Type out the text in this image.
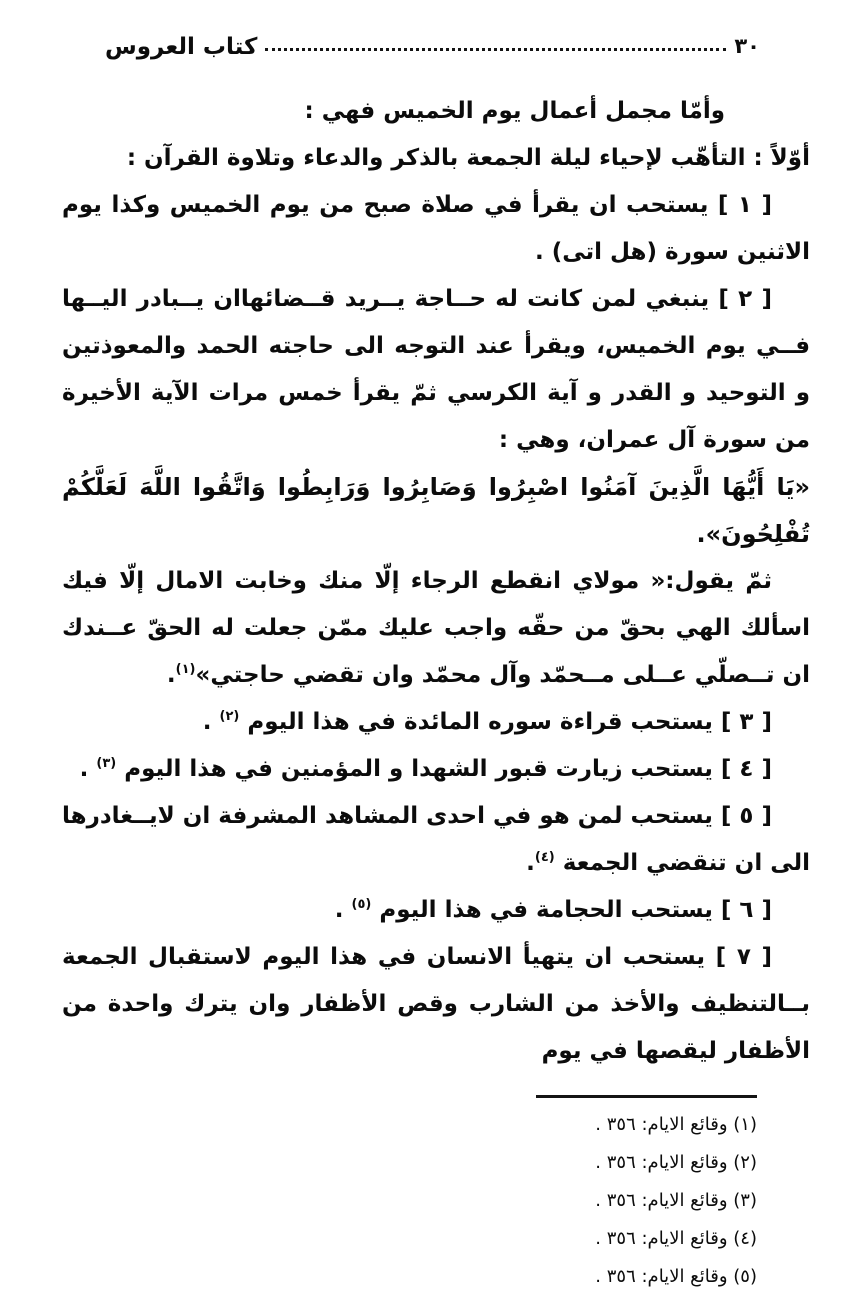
٣٠
كتاب العروس

وأمّا مجمل أعمال يوم الخميس فهي :

أوّلاً : التأهّب لإحياء ليلة الجمعة بالذكر والدعاء وتلاوة القرآن :

[ ١ ] يستحب ان يقرأ في صلاة صبح من يوم الخميس وكذا يوم الاثنين سورة (هل اتى) .

[ ٢ ] ينبغي لمن كانت له حــاجة يــريد قــضائهاان يــبادر اليــها فــي يوم الخميس، ويقرأ عند التوجه الى حاجته الحمد والمعوذتين و التوحيد و القدر و آية الكرسي ثمّ يقرأ خمس مرات الآية الأخيرة من سورة آل عمران، وهي :

«يَا أَيُّهَا الَّذِينَ آمَنُوا اصْبِرُوا وَصَابِرُوا وَرَابِطُوا وَاتَّقُوا اللَّهَ لَعَلَّكُمْ تُفْلِحُونَ».

ثمّ يقول:« مولاي انقطع الرجاء إلّا منك وخابت الامال إلّا فيك اسألك الهي بحقّ من حقّه واجب عليك ممّن جعلت له الحقّ عــندك ان تــصلّي عــلى مــحمّد وآل محمّد وان تقضي حاجتي»$^{(١)}$.

[ ٣ ] يستحب قراءة سوره المائدة في هذا اليوم $^{(٢)}$ .

[ ٤ ] يستحب زيارت قبور الشهدا و المؤمنين في هذا اليوم $^{(٣)}$ .

[ ٥ ] يستحب لمن هو في احدى المشاهد المشرفة ان لايــغادرها الى ان تنقضي الجمعة $^{(٤)}$.

[ ٦ ] يستحب الحجامة في هذا اليوم $^{(٥)}$ .

[ ٧ ] يستحب ان يتهيأ الانسان في هذا اليوم لاستقبال الجمعة بــالتنظيف والأخذ من الشارب وقص الأظفار وان يترك واحدة من الأظفار ليقصها في يوم

(١) وقائع الايام: ٣٥٦ .
(٢) وقائع الايام: ٣٥٦ .
(٣) وقائع الايام: ٣٥٦ .
(٤) وقائع الايام: ٣٥٦ .
(٥) وقائع الايام: ٣٥٦ .
